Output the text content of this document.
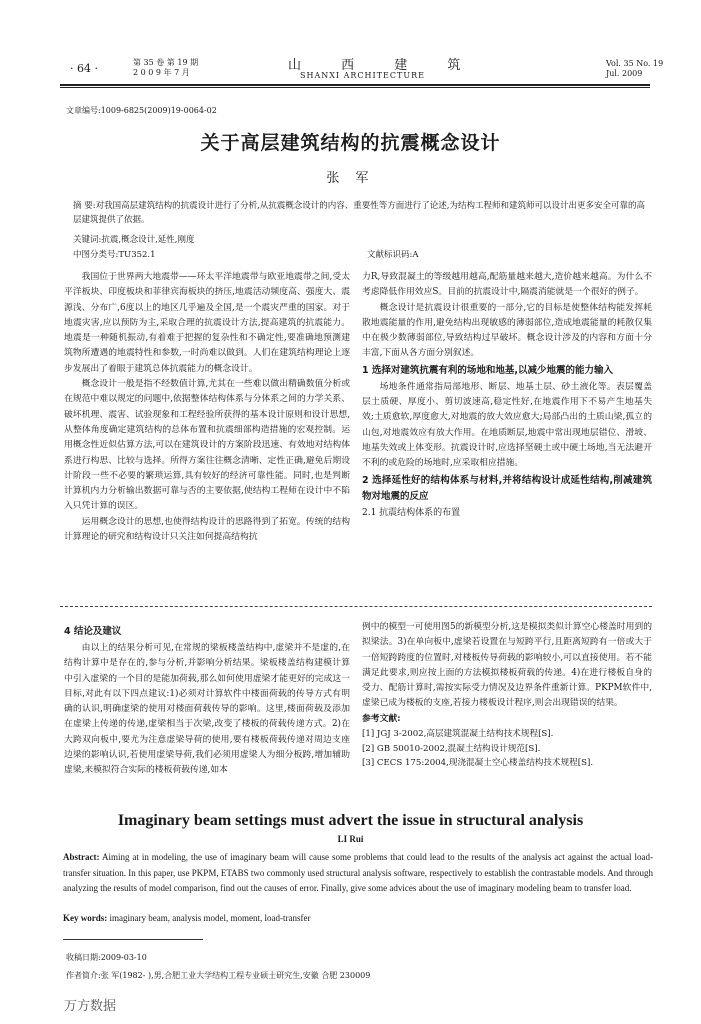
· 64 ·	第 35 卷 第 19 期
2 0 0 9 年 7 月	山 西 建 筑
SHANXI ARCHITECTURE
Vol. 35 No. 19
Jul. 2009
文章编号:1009-6825(2009)19-0064-02
关于高层建筑结构的抗震概念设计
张 军
摘 要:对我国高层建筑结构的抗震设计进行了分析,从抗震概念设计的内容、重要性等方面进行了论述,为结构工程师和建筑师可以设计出更多安全可靠的高层建筑提供了依据。
关键词:抗震,概念设计,延性,刚度
中图分类号:TU352.1	文献标识码:A

我国位于世界两大地震带——环太平洋地震带与欧亚地震带之间,受太平洋板块、印度板块和菲律宾海板块的挤压,地震活动频度高、强度大、震源浅、分布广,6度以上的地区几乎遍及全国,是一个震灾严重的国家。对于地震灾害,应以预防为主,采取合理的抗震设计方法,提高建筑的抗震能力。地震是一种随机振动,有着难于把握的复杂性和不确定性,要准确地预测建筑物所遭遇的地震特性和参数,一时尚难以做到。人们在建筑结构理论上逐步发展出了着眼于建筑总体抗震能力的概念设计。

概念设计一般是指不经数值计算,尤其在一些难以做出精确数值分析或在规范中难以规定的问题中,依据整体结构体系与分体系之间的力学关系、破坏机理、震害、试验现象和工程经验所获得的基本设计原则和设计思想,从整体角度确定建筑结构的总体布置和抗震细部构造措施的宏观控制。运用概念性近似估算方法,可以在建筑设计的方案阶段迅速、有效地对结构体系进行构思、比较与选择。所得方案往往概念清晰、定性正确,避免后期设计阶段一些不必要的繁琐运算,具有较好的经济可靠性能。同时,也是判断计算机内力分析输出数据可靠与否的主要依据,使结构工程师在设计中不陷入只凭计算的误区。

运用概念设计的思想,也使得结构设计的思路得到了拓宽。传统的结构计算理论的研究和结构设计只关注如何提高结构抗

力R,导致混凝土的等级越用越高,配筋量越来越大,造价越来越高。为什么不考虑降低作用效应S。目前的抗震设计中,隔震消能就是一个很好的例子。

概念设计是抗震设计很重要的一部分,它的目标是使整体结构能发挥耗散地震能量的作用,避免结构出现敏感的薄弱部位,造成地震能量的耗散仅集中在极少数薄弱部位,导致结构过早破坏。概念设计涉及的内容和方面十分丰富,下面从各方面分别叙述。

1 选择对建筑抗震有利的场地和地基,以减少地震的能力输入

场地条件通常指局部地形、断层、地基土层、砂土液化等。表层覆盖层土质硬、厚度小、剪切波速高,稳定性好,在地震作用下不易产生地基失效;土质愈软,厚度愈大,对地震的放大效应愈大;局部凸出的土质山梁,孤立的山包,对地震效应有放大作用。在地质断层,地震中常出现地层错位、滑坡、地基失效或上体变形。抗震设计时,应选择坚硬土或中硬土场地,当无法避开不利的或危险的场地时,应采取相应措施。

2 选择延性好的结构体系与材料,并将结构设计成延性结构,削减建筑物对地震的反应
2.1 抗震结构体系的布置
4 结论及建议

由以上的结果分析可见,在常规的梁板楼盖结构中,虚梁并不是虚的,在结构计算中是存在的,参与分析,并影响分析结果。梁板楼盖结构建模计算中引入虚梁的一个目的是能加荷载,那么如何使用虚梁才能更好的完成这一目标,对此有以下四点建议:1)必须对计算软件中楼面荷载的传导方式有明确的认识,明确虚梁的使用对楼面荷载传导的影响。这里,楼面荷载及添加在虚梁上传递的传递,虚梁相当于次梁,改变了楼板的荷载传递方式。2)在大跨双向板中,要尤为注意虚梁导荷的使用,要有楼板荷载传递对周边支座边梁的影响认识,若使用虚梁导荷,我们必须用虚梁人为细分板跨,增加辅助虚梁,来模拟符合实际的楼板荷载传递,如本

例中的模型一可使用图5的新模型分析,这是模拟类似计算空心楼盖时用到的拟梁法。3)在单向板中,虚梁若设置在与短跨平行,且距离短跨有一倍或大于一倍短跨跨度的位置时,对楼板传导荷载的影响较小,可以直接使用。若不能满足此要求,则应按上面的方法模拟楼板荷载的传递。4)在进行楼板自身的受力、配筋计算时,需按实际受力情况及边界条件重新计算。PKPM软件中,虚梁已成为楼板的支座,若接力楼板设计程序,则会出现错误的结果。

参考文献:
[1] JGJ 3-2002,高层建筑混凝土结构技术规程[S].
[2] GB 50010-2002,混凝土结构设计规范[S].
[3] CECS 175:2004,现浇混凝土空心楼盖结构技术规程[S].
Imaginary beam settings must advert the issue in structural analysis
LI Rui
Abstract: Aiming at in modeling, the use of imaginary beam will cause some problems that could lead to the results of the analysis act against the actual load-transfer situation. In this paper, use PKPM, ETABS two commonly used structural analysis software, respectively to establish the contrastable models. And through analyzing the results of model comparison, find out the causes of error. Finally, give some advices about the use of imaginary modeling beam to transfer load.
Key words: imaginary beam, analysis model, moment, load-transfer
收稿日期:2009-03-10
作者简介:张 军(1982- ),男,合肥工业大学结构工程专业硕士研究生,安徽 合肥 230009
万方数据
